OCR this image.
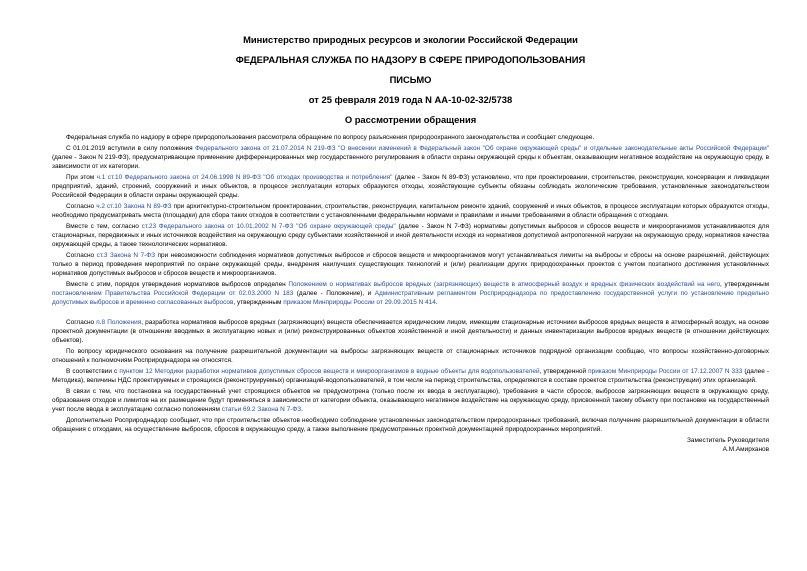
Министерство природных ресурсов и экологии Российской Федерации
ФЕДЕРАЛЬНАЯ СЛУЖБА ПО НАДЗОРУ В СФЕРЕ ПРИРОДОПОЛЬЗОВАНИЯ
ПИСЬМО
от 25 февраля 2019 года N АА-10-02-32/5738
О рассмотрении обращения

Федеральная служба по надзору в сфере природопользования рассмотрела обращение по вопросу разъяснения природоохранного законодательства и сообщает следующее.

С 01.01.2019 вступили в силу положения Федерального закона от 21.07.2014 N 219-ФЗ "О внесении изменений в Федеральный закон "Об охране окружающей среды" и отдельные законодательные акты Российской Федерации" (далее - Закон N 219-ФЗ), предусматривающие применение дифференцированных мер государственного регулирования в области охраны окружающей среды к объектам, оказывающим негативное воздействие на окружающую среду, в зависимости от их категории.

При этом ч.1 ст.10 Федерального закона от 24.06.1998 N 89-ФЗ "Об отходах производства и потребления" (далее - Закон N 89-ФЗ) установлено, что при проектировании, строительстве, реконструкции, консервации и ликвидации предприятий, зданий, строений, сооружений и иных объектов, в процессе эксплуатации которых образуются отходы, хозяйствующие субъекты обязаны соблюдать экологические требования, установленные законодательством Российской Федерации в области охраны окружающей среды.

Согласно ч.2 ст.10 Закона N 89-ФЗ при архитектурно-строительном проектировании, строительстве, реконструкции, капитальном ремонте зданий, сооружений и иных объектов, в процессе эксплуатации которых образуются отходы, необходимо предусматривать места (площадки) для сбора таких отходов в соответствии с установленными федеральными нормами и правилами и иными требованиями в области обращения с отходами.

Вместе с тем, согласно ст.23 Федерального закона от 10.01.2002 N 7-ФЗ "Об охране окружающей среды" (далее - Закон N 7-ФЗ) нормативы допустимых выбросов и сбросов веществ и микроорганизмов устанавливаются для стационарных, передвижных и иных источников воздействия на окружающую среду субъектами хозяйственной и иной деятельности исходя из нормативов допустимой антропогенной нагрузки на окружающую среду, нормативов качества окружающей среды, а также технологических нормативов.

Согласно ст.3 Закона N 7-ФЗ при невозможности соблюдения нормативов допустимых выбросов и сбросов веществ и микроорганизмов могут устанавливаться лимиты на выбросы и сбросы на основе разрешений, действующих только в период проведения мероприятий по охране окружающей среды, внедрения наилучших существующих технологий и (или) реализации других природоохранных проектов с учетом поэтапного достижения установленных нормативов допустимых выбросов и сбросов веществ и микроорганизмов.

Вместе с этим, порядок утверждения нормативов выбросов определен Положением о нормативах выбросов вредных (загрязняющих) веществ в атмосферный воздух и вредных физических воздействий на него, утвержденным постановлением Правительства Российской Федерации от 02.03.2000 N 183 (далее - Положение), и Административным регламентом Росприроднадзора по предоставлению государственной услуги по установлению предельно допустимых выбросов и временно согласованных выбросов, утвержденным приказом Минприроды России от 29.09.2015 N 414.

Согласно п.8 Положения, разработка нормативов выбросов вредных (загрязняющих) веществ обеспечивается юридическим лицом, имеющим стационарные источники выбросов вредных веществ в атмосферный воздух, на основе проектной документации (в отношении вводимых в эксплуатацию новых и (или) реконструированных объектов хозяйственной и иной деятельности) и данных инвентаризации выбросов вредных веществ (в отношении действующих объектов).

По вопросу юридического основания на получение разрешительной документации на выбросы загрязняющих веществ от стационарных источников подрядной организации сообщаю, что вопросы хозяйственно-договорных отношений к полномочиям Росприроднадзора не относятся.

В соответствии с пунктом 12 Методики разработки нормативов допустимых сбросов веществ и микроорганизмов в водные объекты для водопользователей, утвержденной приказом Минприроды России от 17.12.2007 N 333 (далее - Методика), величины НДС проектируемых и строящихся (реконструируемых) организаций-водопользователей, в том числе на период строительства, определяются в составе проектов строительства (реконструкции) этих организаций.

В связи с тем, что постановка на государственный учет строящихся объектов не предусмотрена (только после их ввода в эксплуатацию), требования в части сбросов, выбросов загрязняющих веществ в окружающую среду, образования отходов и лимитов на их размещение будут применяться в зависимости от категории объекта, оказывающего негативное воздействие на окружающую среду, присвоенной такому объекту при постановке на государственный учет после ввода в эксплуатацию согласно положениям статьи 69.2 Закона N 7-ФЗ.

Дополнительно Росприроднадзор сообщает, что при строительстве объектов необходимо соблюдение установленных законодательством природоохранных требований, включая получение разрешительной документации в области обращения с отходами, на осуществление выбросов, сбросов в окружающую среду, а также выполнение предусмотренных проектной документацией природоохранных мероприятий.

Заместитель Руководителя
А.М.Амирханов
